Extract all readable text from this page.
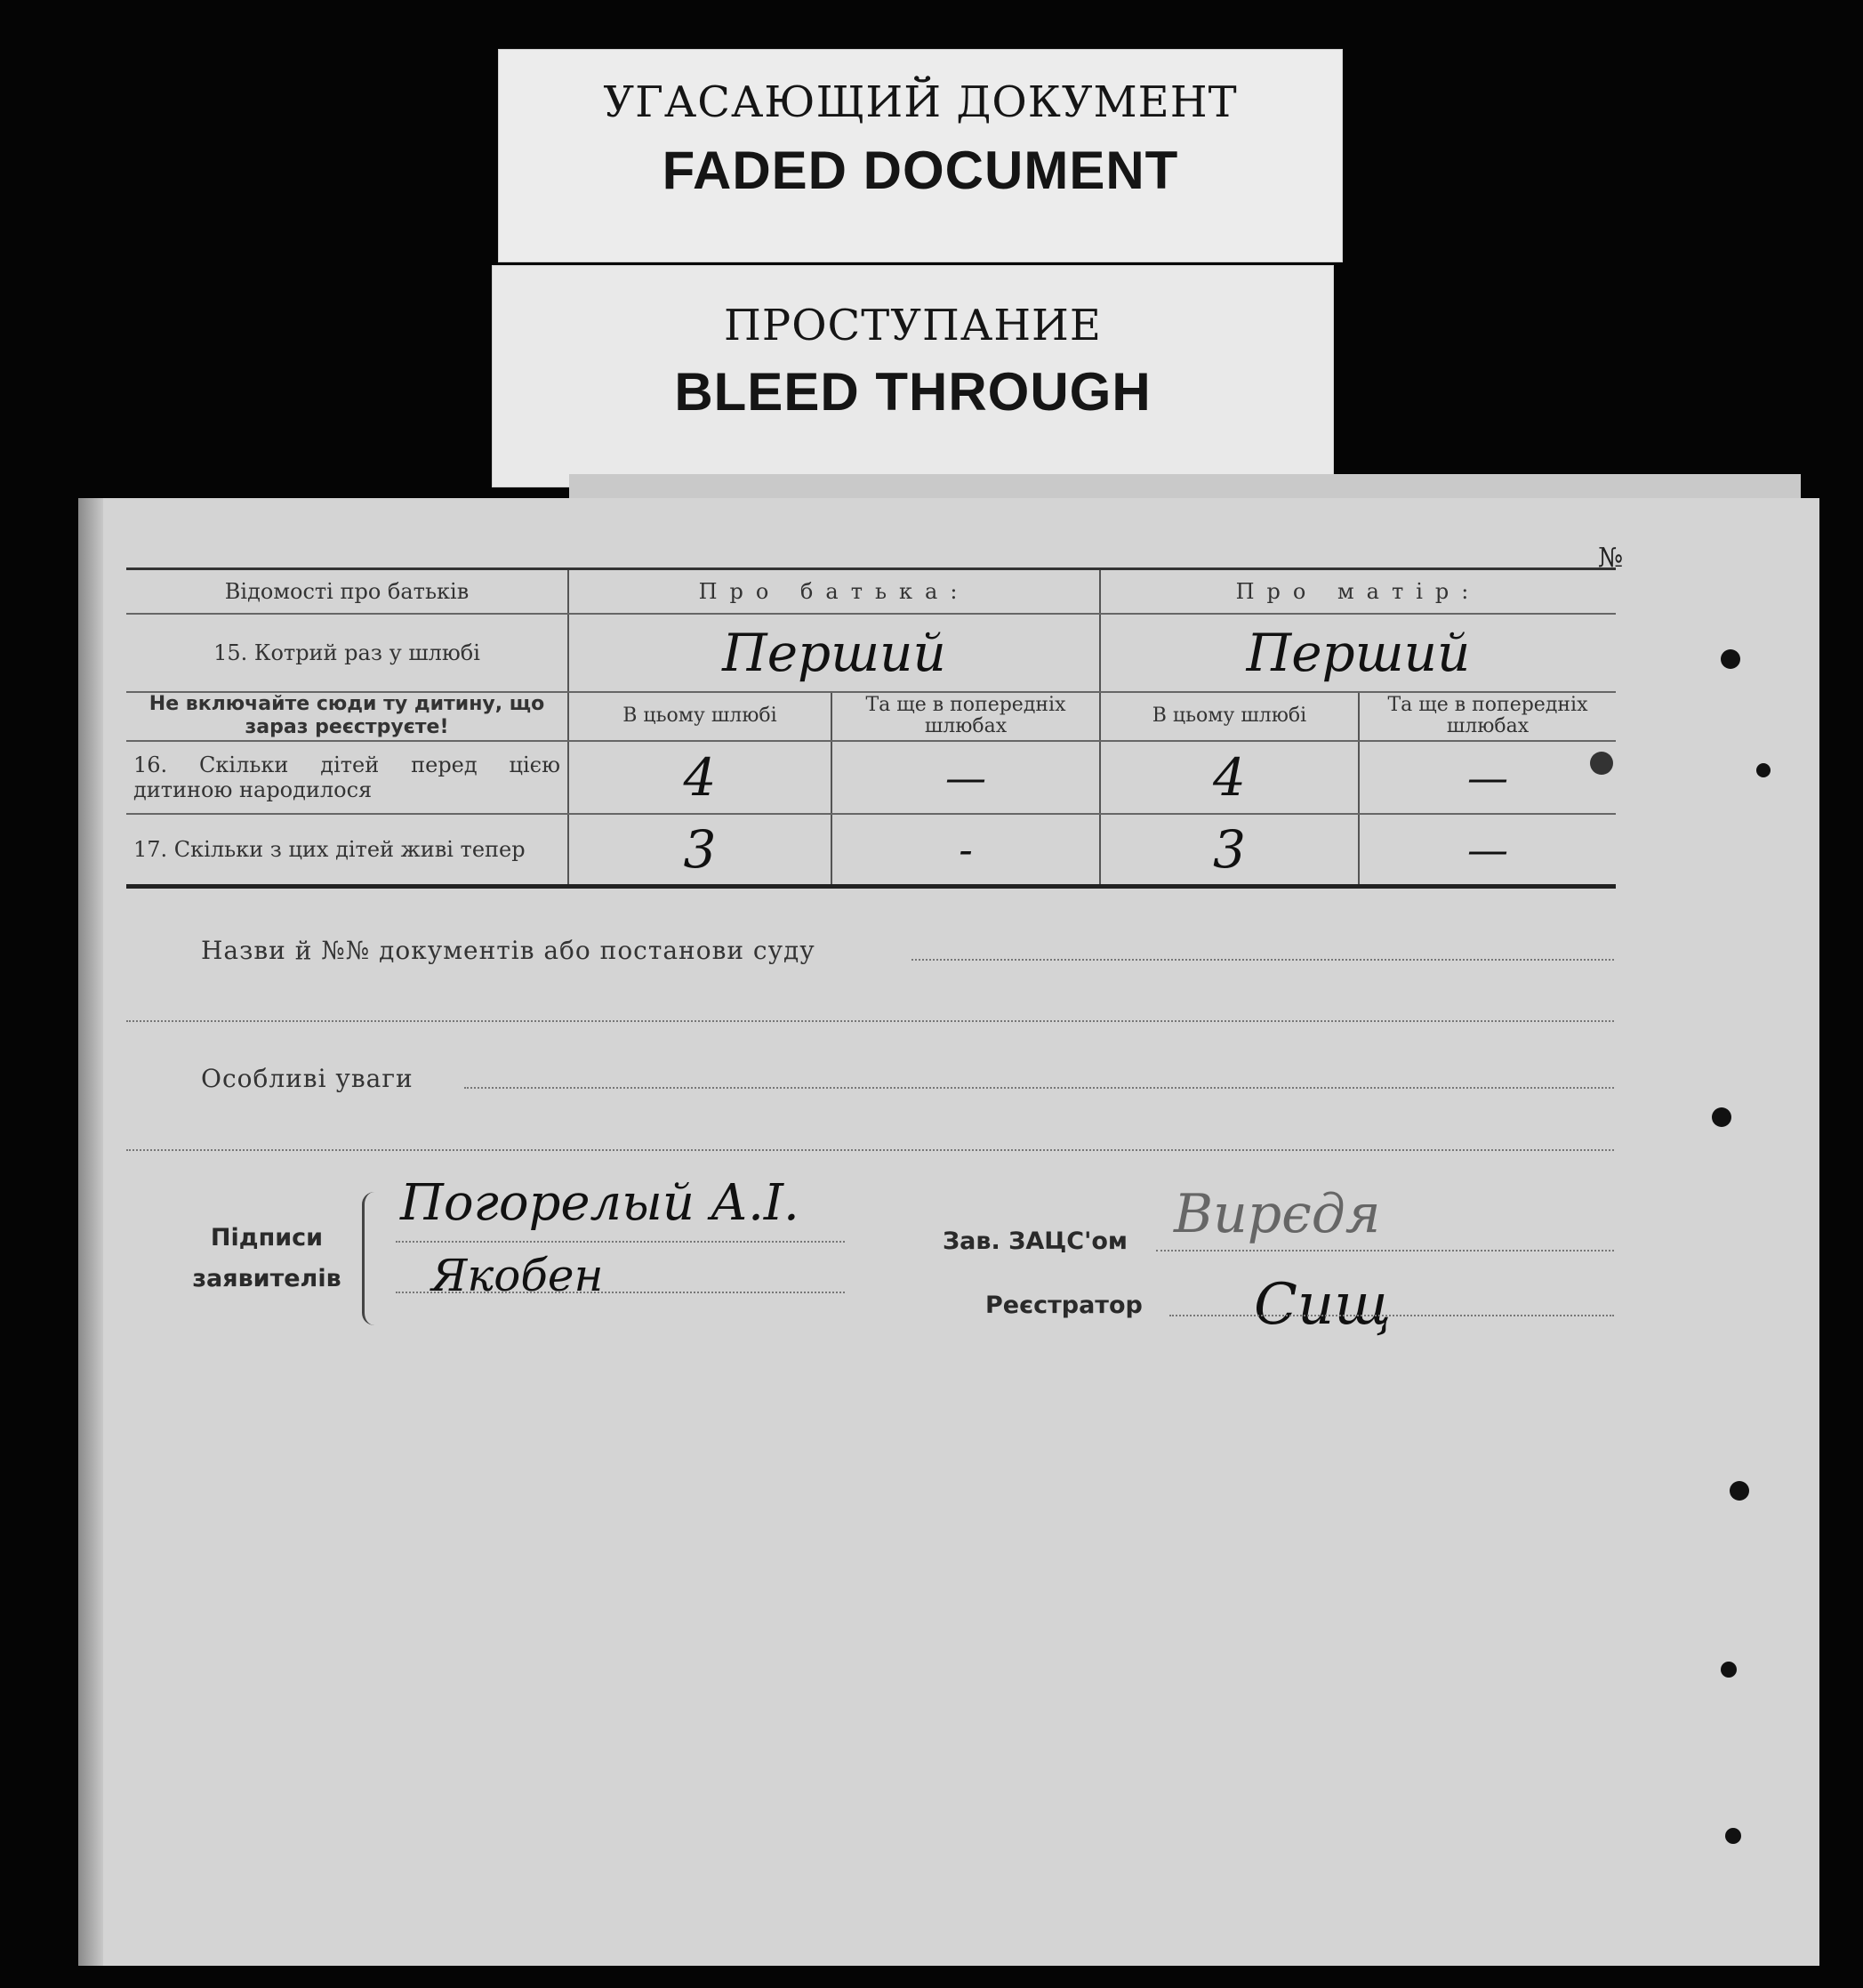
УГАСАЮЩИЙ ДОКУМЕНТ
FADED DOCUMENT
ПРОСТУПАНИЕ
BLEED THROUGH
№
Відомості про батьків	Про батька:		Про матір:	
15. Котрий раз у шлюбі	Перший		Перший	
Не включайте сюди ту дитину, що зараз реєструєте!	В цьому шлюбі	Та ще в попередніх шлюбах	В цьому шлюбі	Та ще в попередніх шлюбах
16. Скільки дітей перед цією дитиною народилося	4	—	4	—
17. Скільки з цих дітей живі тепер	3	-	3	—
Назви й №№ документів або постанови суду
Особливі уваги
Підписи
заявителів
Погорелый А.І.
Якобен
Зав. ЗАЦС'ом Вирєдя
Реєстратор Сищ
